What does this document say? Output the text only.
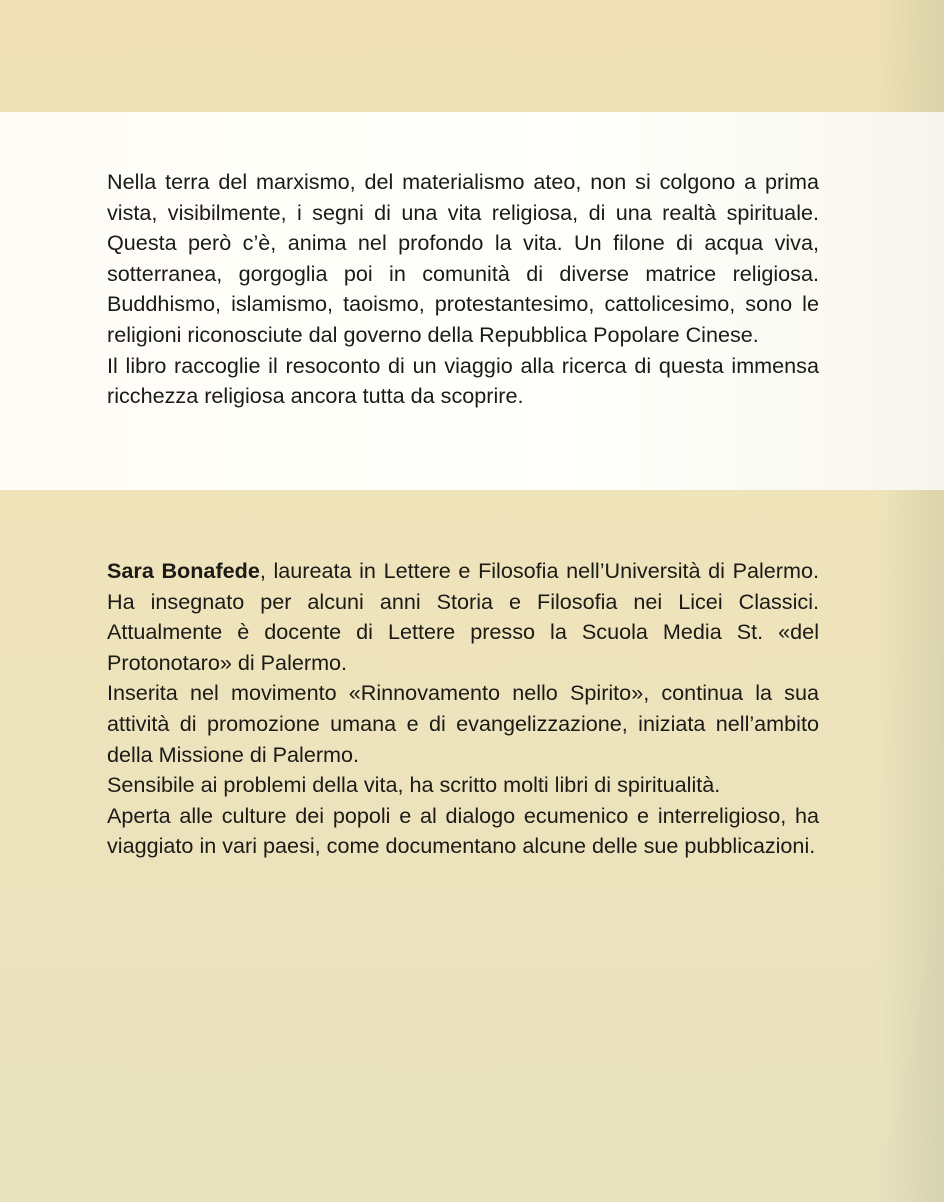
Nella terra del marxismo, del materialismo ateo, non si colgono a prima vista, visibilmente, i segni di una vita religiosa, di una realtà spirituale. Questa però c’è, anima nel profondo la vita. Un filone di acqua viva, sotterranea, gorgoglia poi in comunità di diverse matrice religiosa. Buddhismo, islamismo, taoismo, protestantesimo, cattolicesimo, sono le religioni riconosciute dal governo della Repubblica Popolare Cinese.

Il libro raccoglie il resoconto di un viaggio alla ricerca di questa immensa ricchezza religiosa ancora tutta da scoprire.

Sara Bonafede, laureata in Lettere e Filosofia nell’Università di Palermo. Ha insegnato per alcuni anni Storia e Filosofia nei Licei Classici. Attualmente è docente di Lettere presso la Scuola Media St. «del Protonotaro» di Palermo.

Inserita nel movimento «Rinnovamento nello Spirito», continua la sua attività di promozione umana e di evangelizzazione, iniziata nell’ambito della Missione di Palermo.

Sensibile ai problemi della vita, ha scritto molti libri di spiritualità.

Aperta alle culture dei popoli e al dialogo ecumenico e interreligioso, ha viaggiato in vari paesi, come documentano alcune delle sue pubblicazioni.
